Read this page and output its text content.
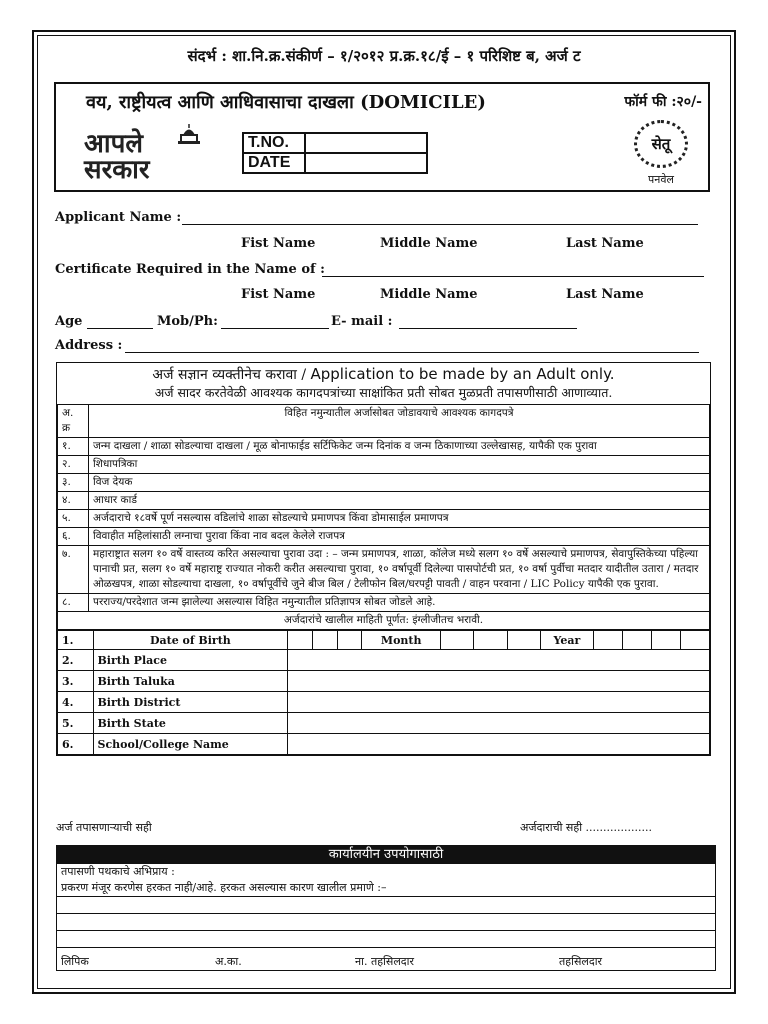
संदर्भ : शा.नि.क्र.संकीर्ण – १/२०१२ प्र.क्र.१८/ई – १ परिशिष्ट ब, अर्ज ट
वय, राष्ट्रीयत्व आणि आधिवासाचा दाखला (DOMICILE)	फॉर्म फी :२०/-
आपले
सरकार
T.NO.	
DATE	
सेतू
पनवेल
Applicant Name :
Fist Name	Middle Name	Last Name
Certificate Required in the Name of :
Fist Name	Middle Name	Last Name
Age	Mob/Ph:	E- mail :
Address :
अर्ज सज्ञान व्यक्तीनेच करावा / Application to be made by an Adult only.
अर्ज सादर करतेवेळी आवश्यक कागदपत्रांच्या साक्षांकित प्रती सोबत मुळप्रती तपासणीसाठी आणाव्यात.
अ. क्र	विहित नमुन्यातील अर्जासोबत जोडावयाचे आवश्यक कागदपत्रे
१.	जन्म दाखला / शाळा सोडल्याचा दाखला / मूळ बोनाफाईड सर्टिफिकेट जन्म दिनांक व जन्म ठिकाणाच्या उल्लेखासह, यापैकी एक पुरावा
२.	शिधापत्रिका
३.	विज देयक
४.	आधार कार्ड
५.	अर्जदाराचे १८वर्षे पूर्ण नसल्यास वडिलांचे शाळा सोडल्याचे प्रमाणपत्र किंवा डोमासाईल प्रमाणपत्र
६.	विवाहीत महिलांसाठी लग्नाचा पुरावा किंवा नाव बदल केलेले राजपत्र
७.	महाराष्ट्रात सलग १० वर्षे वास्तव्य करित असल्याचा पुरावा उदा : – जन्म प्रमाणपत्र, शाळा, कॉलेज मध्ये सलग १० वर्षे असल्याचे प्रमाणपत्र, सेवापुस्तिकेच्या पहिल्या पानाची प्रत, सलग १० वर्षे महाराष्ट्र राज्यात नोकरी करीत असल्याचा पुरावा, १० वर्षापूर्वी दिलेल्या पासपोर्टची प्रत, १० वर्षा पुर्वीचा मतदार यादीतील उतारा / मतदार ओळखपत्र, शाळा सोडल्याचा दाखला, १० वर्षापूर्वीचे जुने बीज बिल / टेलीफोन बिल/घरपट्टी पावती / वाहन परवाना / LIC Policy यापैकी एक पुरावा.
८.	परराज्य/परदेशात जन्म झालेल्या असल्यास विहित नमुन्यातील प्रतिज्ञापत्र सोबत जोडले आहे.
अर्जदारांचे खालील माहिती पूर्णत: इंग्लीजीतच भरावी.	
1.	Date of Birth				Month				Year				
2.	Birth Place												
3.	Birth Taluka												
4.	Birth District												
5.	Birth State												
6.	School/College Name												
अर्ज तपासणाऱ्याची सही	अर्जदाराची सही ...................
कार्यालयीन उपयोगासाठी
तपासणी पथकाचे अभिप्राय :
प्रकरण मंजूर करणेस हरकत नाही/आहे. हरकत असल्यास कारण खालील प्रमाणे :–
लिपिक	अ.का.	ना. तहसिलदार	तहसिलदार
